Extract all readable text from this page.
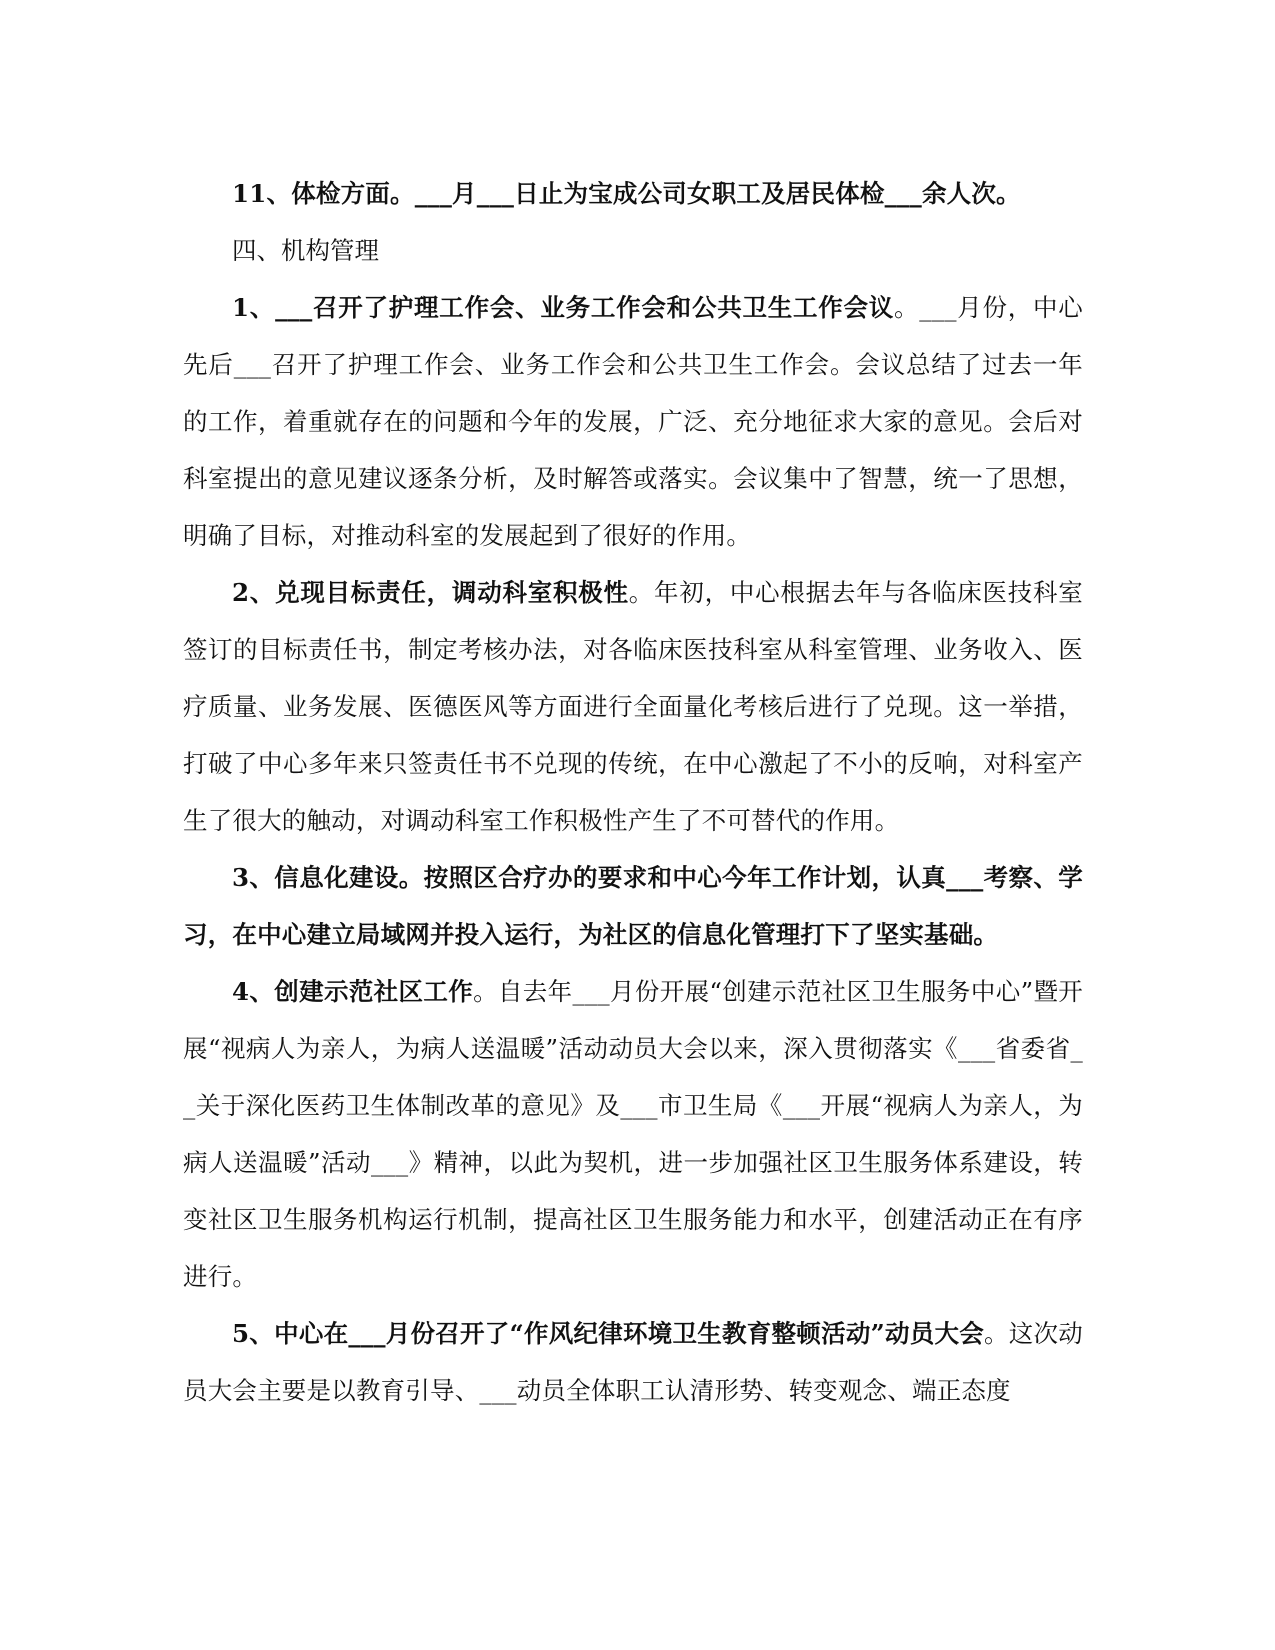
11、体检方面。___月___日止为宝成公司女职工及居民体检___余人次。

四、机构管理

1、___召开了护理工作会、业务工作会和公共卫生工作会议。___月份，中心先后___召开了护理工作会、业务工作会和公共卫生工作会。会议总结了过去一年的工作，着重就存在的问题和今年的发展，广泛、充分地征求大家的意见。会后对科室提出的意见建议逐条分析，及时解答或落实。会议集中了智慧，统一了思想，明确了目标，对推动科室的发展起到了很好的作用。

2、兑现目标责任，调动科室积极性。年初，中心根据去年与各临床医技科室签订的目标责任书，制定考核办法，对各临床医技科室从科室管理、业务收入、医疗质量、业务发展、医德医风等方面进行全面量化考核后进行了兑现。这一举措，打破了中心多年来只签责任书不兑现的传统，在中心激起了不小的反响，对科室产生了很大的触动，对调动科室工作积极性产生了不可替代的作用。

3、信息化建设。按照区合疗办的要求和中心今年工作计划，认真___考察、学习，在中心建立局域网并投入运行，为社区的信息化管理打下了坚实基础。

4、创建示范社区工作。自去年___月份开展“创建示范社区卫生服务中心”暨开展“视病人为亲人，为病人送温暖”活动动员大会以来，深入贯彻落实《___省委省__关于深化医药卫生体制改革的意见》及___市卫生局《___开展“视病人为亲人，为病人送温暖”活动___》精神，以此为契机，进一步加强社区卫生服务体系建设，转变社区卫生服务机构运行机制，提高社区卫生服务能力和水平，创建活动正在有序进行。

5、中心在___月份召开了“作风纪律环境卫生教育整顿活动”动员大会。这次动员大会主要是以教育引导、___动员全体职工认清形势、转变观念、端正态度
